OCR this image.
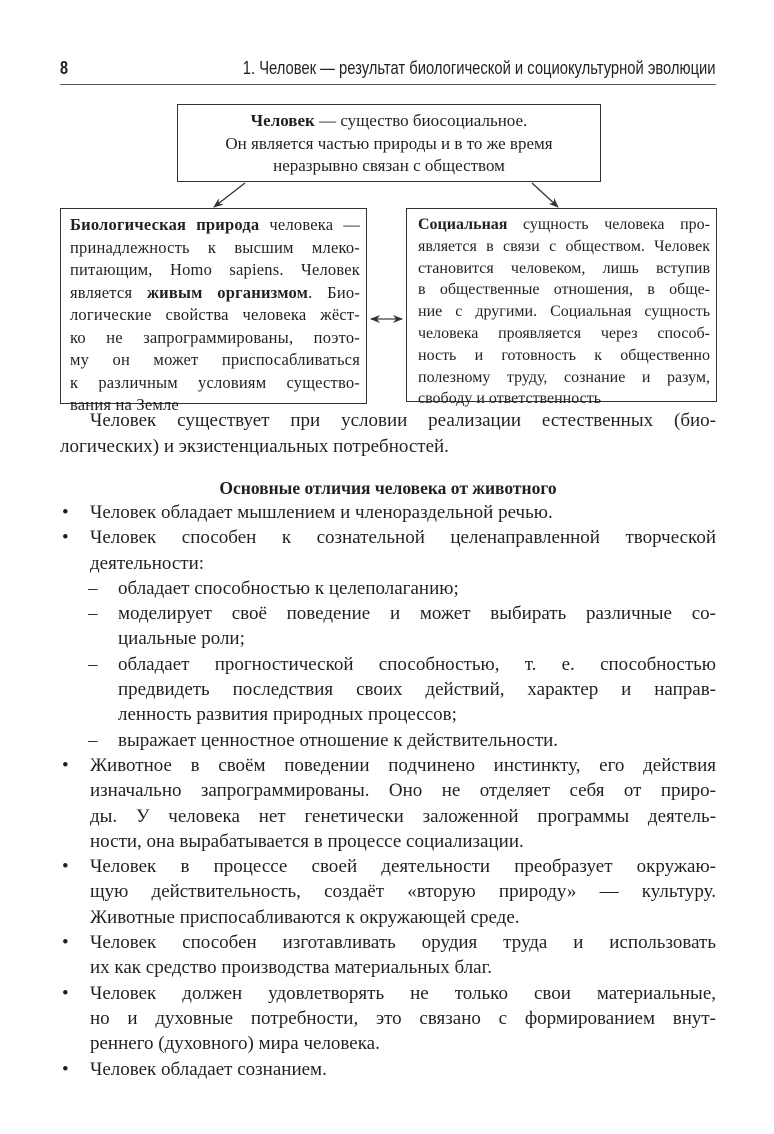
8	1. Человек — результат биологической и социокультурной эволюции
Человек — существо биосоциальное.
Он является частью природы и в то же время
неразрывно связан с обществом
Биологическая природа человека —
принадлежность к высшим млеко-
питающим, Homo sapiens. Человек
является живым организмом. Био-
логические свойства человека жёст-
ко не запрограммированы, поэто-
му он может приспосабливаться
к различным условиям существо-
вания на Земле
Социальная сущность человека про-
является в связи с обществом. Человек
становится человеком, лишь вступив
в общественные отношения, в обще-
ние с другими. Социальная сущность
человека проявляется через способ-
ность и готовность к общественно
полезному труду, сознание и разум,
свободу и ответственность
Человек существует при условии реализации естественных (био-
логических) и экзистенциальных потребностей.
Основные отличия человека от животного
• Человек обладает мышлением и членораздельной речью.
• Человек способен к сознательной целенаправленной творческой
деятельности:
– обладает способностью к целеполаганию;
– моделирует своё поведение и может выбирать различные со-
циальные роли;
– обладает прогностической способностью, т. е. способностью
предвидеть последствия своих действий, характер и направ-
ленность развития природных процессов;
– выражает ценностное отношение к действительности.
• Животное в своём поведении подчинено инстинкту, его действия
изначально запрограммированы. Оно не отделяет себя от приро-
ды. У человека нет генетически заложенной программы деятель-
ности, она вырабатывается в процессе социализации.
• Человек в процессе своей деятельности преобразует окружаю-
щую действительность, создаёт «вторую природу» — культуру.
Животные приспосабливаются к окружающей среде.
• Человек способен изготавливать орудия труда и использовать
их как средство производства материальных благ.
• Человек должен удовлетворять не только свои материальные,
но и духовные потребности, это связано с формированием внут-
реннего (духовного) мира человека.
• Человек обладает сознанием.
